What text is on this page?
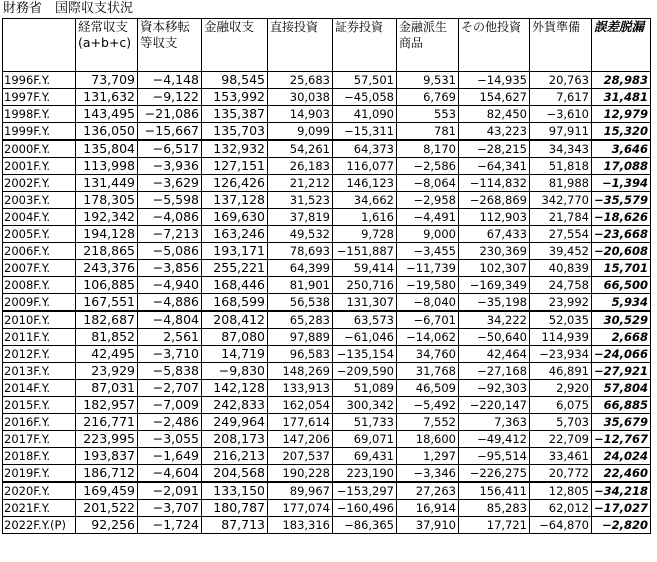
財務省　国際収支状況
	経常収支(a+b+c)	資本移転等収支	金融収支	直接投資	証券投資	金融派生商品	その他投資	外貨準備	誤差脱漏
1996F.Y.	73,709	−4,148	98,545	25,683	57,501	9,531	−14,935	20,763	28,983
1997F.Y.	131,632	−9,122	153,992	30,038	−45,058	6,769	154,627	7,617	31,481
1998F.Y.	143,495	−21,086	135,387	14,903	41,090	553	82,450	−3,610	12,979
1999F.Y.	136,050	−15,667	135,703	9,099	−15,311	781	43,223	97,911	15,320
2000F.Y.	135,804	−6,517	132,932	54,261	64,373	8,170	−28,215	34,343	3,646
2001F.Y.	113,998	−3,936	127,151	26,183	116,077	−2,586	−64,341	51,818	17,088
2002F.Y.	131,449	−3,629	126,426	21,212	146,123	−8,064	−114,832	81,988	−1,394
2003F.Y.	178,305	−5,598	137,128	31,523	34,662	−2,958	−268,869	342,770	−35,579
2004F.Y.	192,342	−4,086	169,630	37,819	1,616	−4,491	112,903	21,784	−18,626
2005F.Y.	194,128	−7,213	163,246	49,532	9,728	9,000	67,433	27,554	−23,668
2006F.Y.	218,865	−5,086	193,171	78,693	−151,887	−3,455	230,369	39,452	−20,608
2007F.Y.	243,376	−3,856	255,221	64,399	59,414	−11,739	102,307	40,839	15,701
2008F.Y.	106,885	−4,940	168,446	81,901	250,716	−19,580	−169,349	24,758	66,500
2009F.Y.	167,551	−4,886	168,599	56,538	131,307	−8,040	−35,198	23,992	5,934
2010F.Y.	182,687	−4,804	208,412	65,283	63,573	−6,701	34,222	52,035	30,529
2011F.Y.	81,852	2,561	87,080	97,889	−61,046	−14,062	−50,640	114,939	2,668
2012F.Y.	42,495	−3,710	14,719	96,583	−135,154	34,760	42,464	−23,934	−24,066
2013F.Y.	23,929	−5,838	−9,830	148,269	−209,590	31,768	−27,168	46,891	−27,921
2014F.Y.	87,031	−2,707	142,128	133,913	51,089	46,509	−92,303	2,920	57,804
2015F.Y.	182,957	−7,009	242,833	162,054	300,342	−5,492	−220,147	6,075	66,885
2016F.Y.	216,771	−2,486	249,964	177,614	51,733	7,552	7,363	5,703	35,679
2017F.Y.	223,995	−3,055	208,173	147,206	69,071	18,600	−49,412	22,709	−12,767
2018F.Y.	193,837	−1,649	216,213	207,537	69,431	1,297	−95,514	33,461	24,024
2019F.Y.	186,712	−4,604	204,568	190,228	223,190	−3,346	−226,275	20,772	22,460
2020F.Y.	169,459	−2,091	133,150	89,967	−153,297	27,263	156,411	12,805	−34,218
2021F.Y.	201,522	−3,707	180,787	177,074	−160,496	16,914	85,283	62,012	−17,027
2022F.Y.(P)	92,256	−1,724	87,713	183,316	−86,365	37,910	17,721	−64,870	−2,820
